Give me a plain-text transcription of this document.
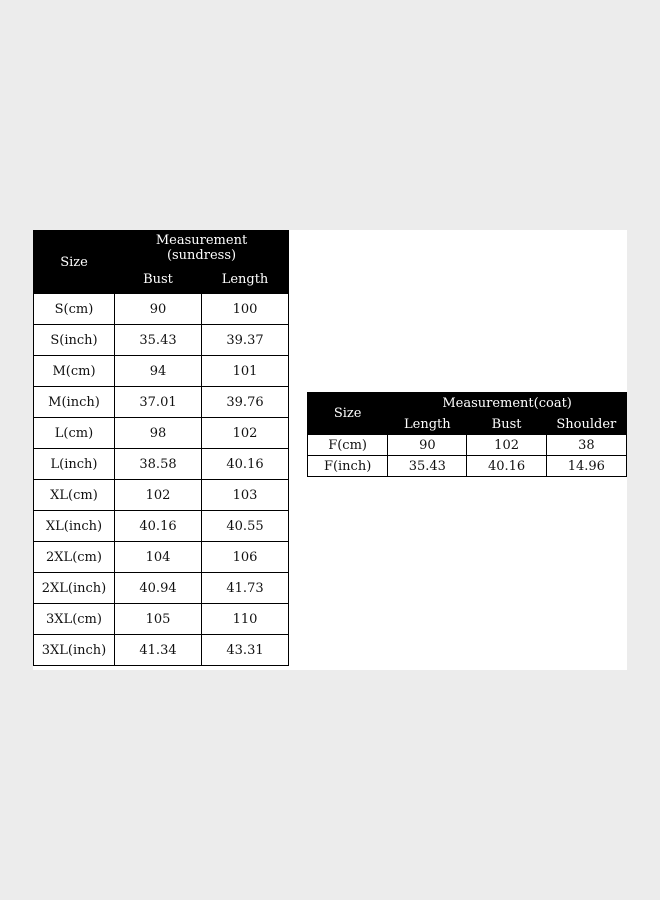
Size	Measurement
(sundress)	

	Bust	Length
S(cm)	90	100
S(inch)	35.43	39.37
M(cm)	94	101
M(inch)	37.01	39.76
L(cm)	98	102
L(inch)	38.58	40.16
XL(cm)	102	103
XL(inch)	40.16	40.55
2XL(cm)	104	106
2XL(inch)	40.94	41.73
3XL(cm)	105	110
3XL(inch)	41.34	43.31
Size	Measurement(coat)		
	Length	Bust	Shoulder
F(cm)	90	102	38
F(inch)	35.43	40.16	14.96
